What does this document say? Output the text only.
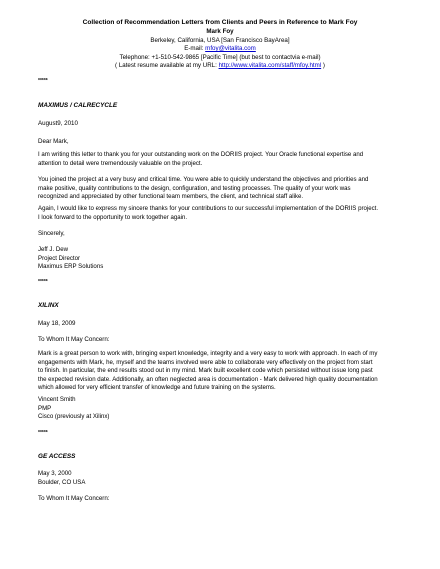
Collection of Recommendation Letters from Clients and Peers in Reference to Mark Foy
Mark Foy
Berkeley, California, USA [San Francisco BayArea]
E-mail: mfoy@vitalita.com
Telephone: +1-510-542-9865 [Pacific Time] (but best to contactvia e-mail)
( Latest resume available at my URL: http://www.vitalita.com/staff/mfoy.html )
*****
MAXIMUS / CALRECYCLE
August9, 2010
Dear Mark,
I am writing this letter to thank you for your outstanding work on the DORIIS project. Your Oracle functional expertise and
attention to detail were tremendously valuable on the project.
You joined the project at a very busy and critical time. You were able to quickly understand the objectives and priorities and
make positive, quality contributions to the design, configuration, and testing processes. The quality of your work was
recognized and appreciated by other functional team members, the client, and technical staff alike.
Again, I would like to express my sincere thanks for your contributions to our successful implementation of the DORIIS project.
I look forward to the opportunity to work together again.
Sincerely,
Jeff J. Dew
Project Director
Maximus ERP Solutions
*****
XILINX
May 18, 2009
To Whom It May Concern:
Mark is a great person to work with, bringing expert knowledge, integrity and a very easy to work with approach. In each of my
engagements with Mark, he, myself and the teams involved were able to collaborate very effectively on the project from start
to finish. In particular, the end results stood out in my mind. Mark built excellent code which persisted without issue long past
the expected revision date. Additionally, an often neglected area is documentation - Mark delivered high quality documentation
which allowed for very efficient transfer of knowledge and future training on the systems.
Vincent Smith
PMP
Cisco (previously at Xilinx)
*****
GE ACCESS
May 3, 2000
Boulder, CO USA
To Whom It May Concern:
